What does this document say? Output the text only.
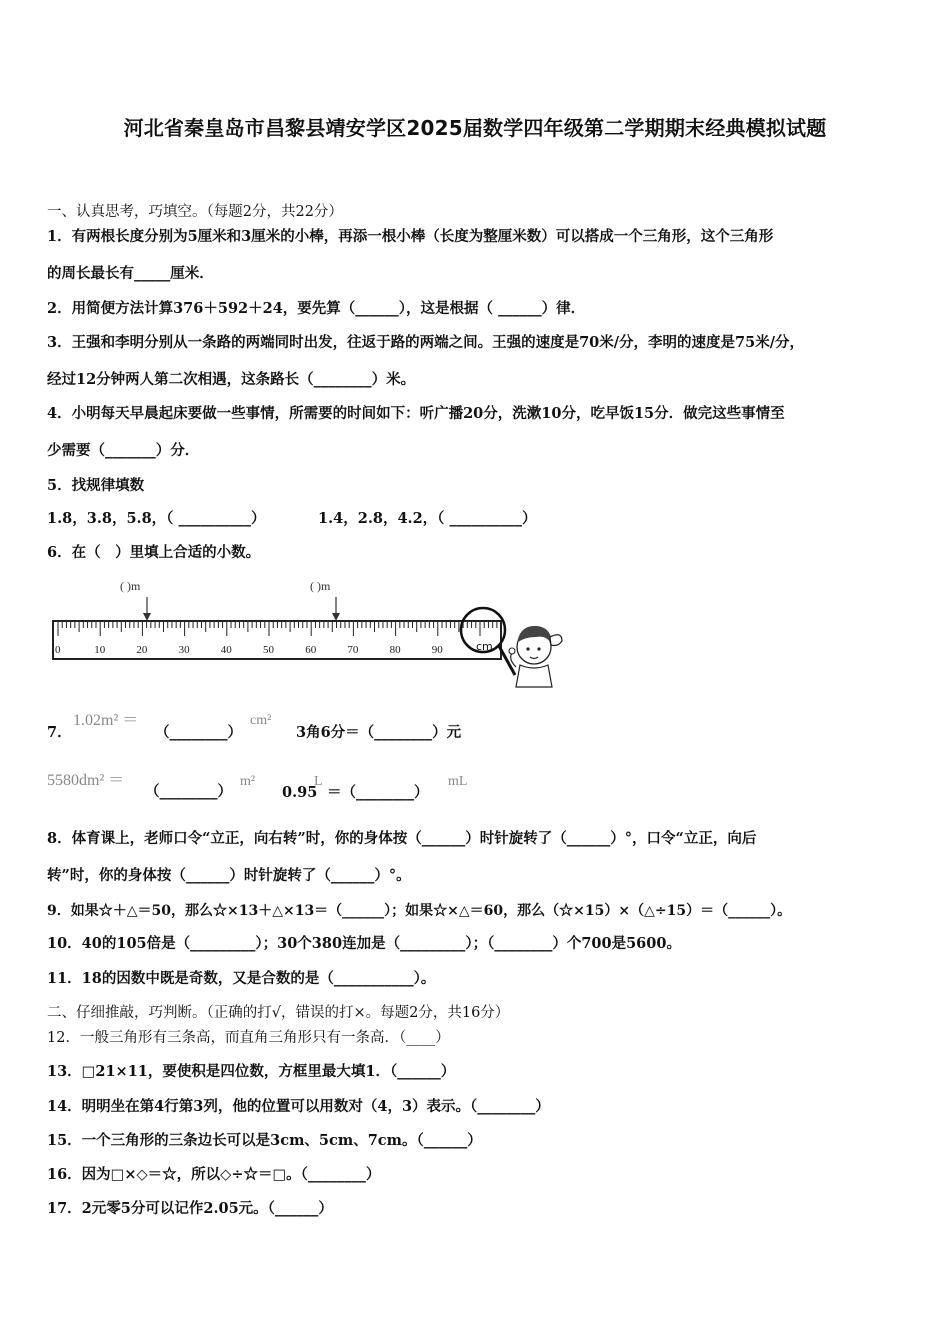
河北省秦皇岛市昌黎县靖安学区2025届数学四年级第二学期期末经典模拟试题
一、认真思考，巧填空。（每题2分，共22分）
1．有两根长度分别为5厘米和3厘米的小棒，再添一根小棒（长度为整厘米数）可以搭成一个三角形，这个三角形
的周长最长有_____厘米．
2．用简便方法计算376＋592＋24，要先算（______），这是根据（ ______）律．
3．王强和李明分别从一条路的两端同时出发，往返于路的两端之间。王强的速度是70米/分，李明的速度是75米/分，
经过12分钟两人第二次相遇，这条路长（________）米。
4．小明每天早晨起床要做一些事情，所需要的时间如下：听广播20分，洗漱10分，吃早饭15分．做完这些事情至
少需要（_______）分．
5．找规律填数
1.8，3.8，5.8，（ __________）	1.4，2.8，4.2，（ __________）
6．在（　）里填上合适的小数。
( )m	( )m
0	10	20	30	40	50	60	70	80	90	cm
7．
1.02m² ＝
（________）
cm²
3角6分＝（________）元
5580dm² ＝
（________）
m²
0.95
L
＝（________）
mL
8．体育课上，老师口令“立正，向右转”时，你的身体按（______）时针旋转了（______）°，口令“立正，向后
转”时，你的身体按（______）时针旋转了（______）°。
9．如果☆＋△＝50，那么☆×13＋△×13＝（______）；如果☆×△＝60，那么（☆×15）×（△÷15）＝（______）。
10．40的105倍是（_________）；30个380连加是（_________）；（________）个700是5600。
11．18的因数中既是奇数，又是合数的是（___________）。
二、仔细推敲，巧判断。（正确的打√，错误的打×。每题2分，共16分）
12．一般三角形有三条高，而直角三角形只有一条高．（____）
13．□21×11，要使积是四位数，方框里最大填1．（______）
14．明明坐在第4行第3列，他的位置可以用数对（4，3）表示。（________）
15．一个三角形的三条边长可以是3cm、5cm、7cm。（______）
16．因为□×◇＝☆，所以◇÷☆＝□。（________）
17．2元零5分可以记作2.05元。（______）
